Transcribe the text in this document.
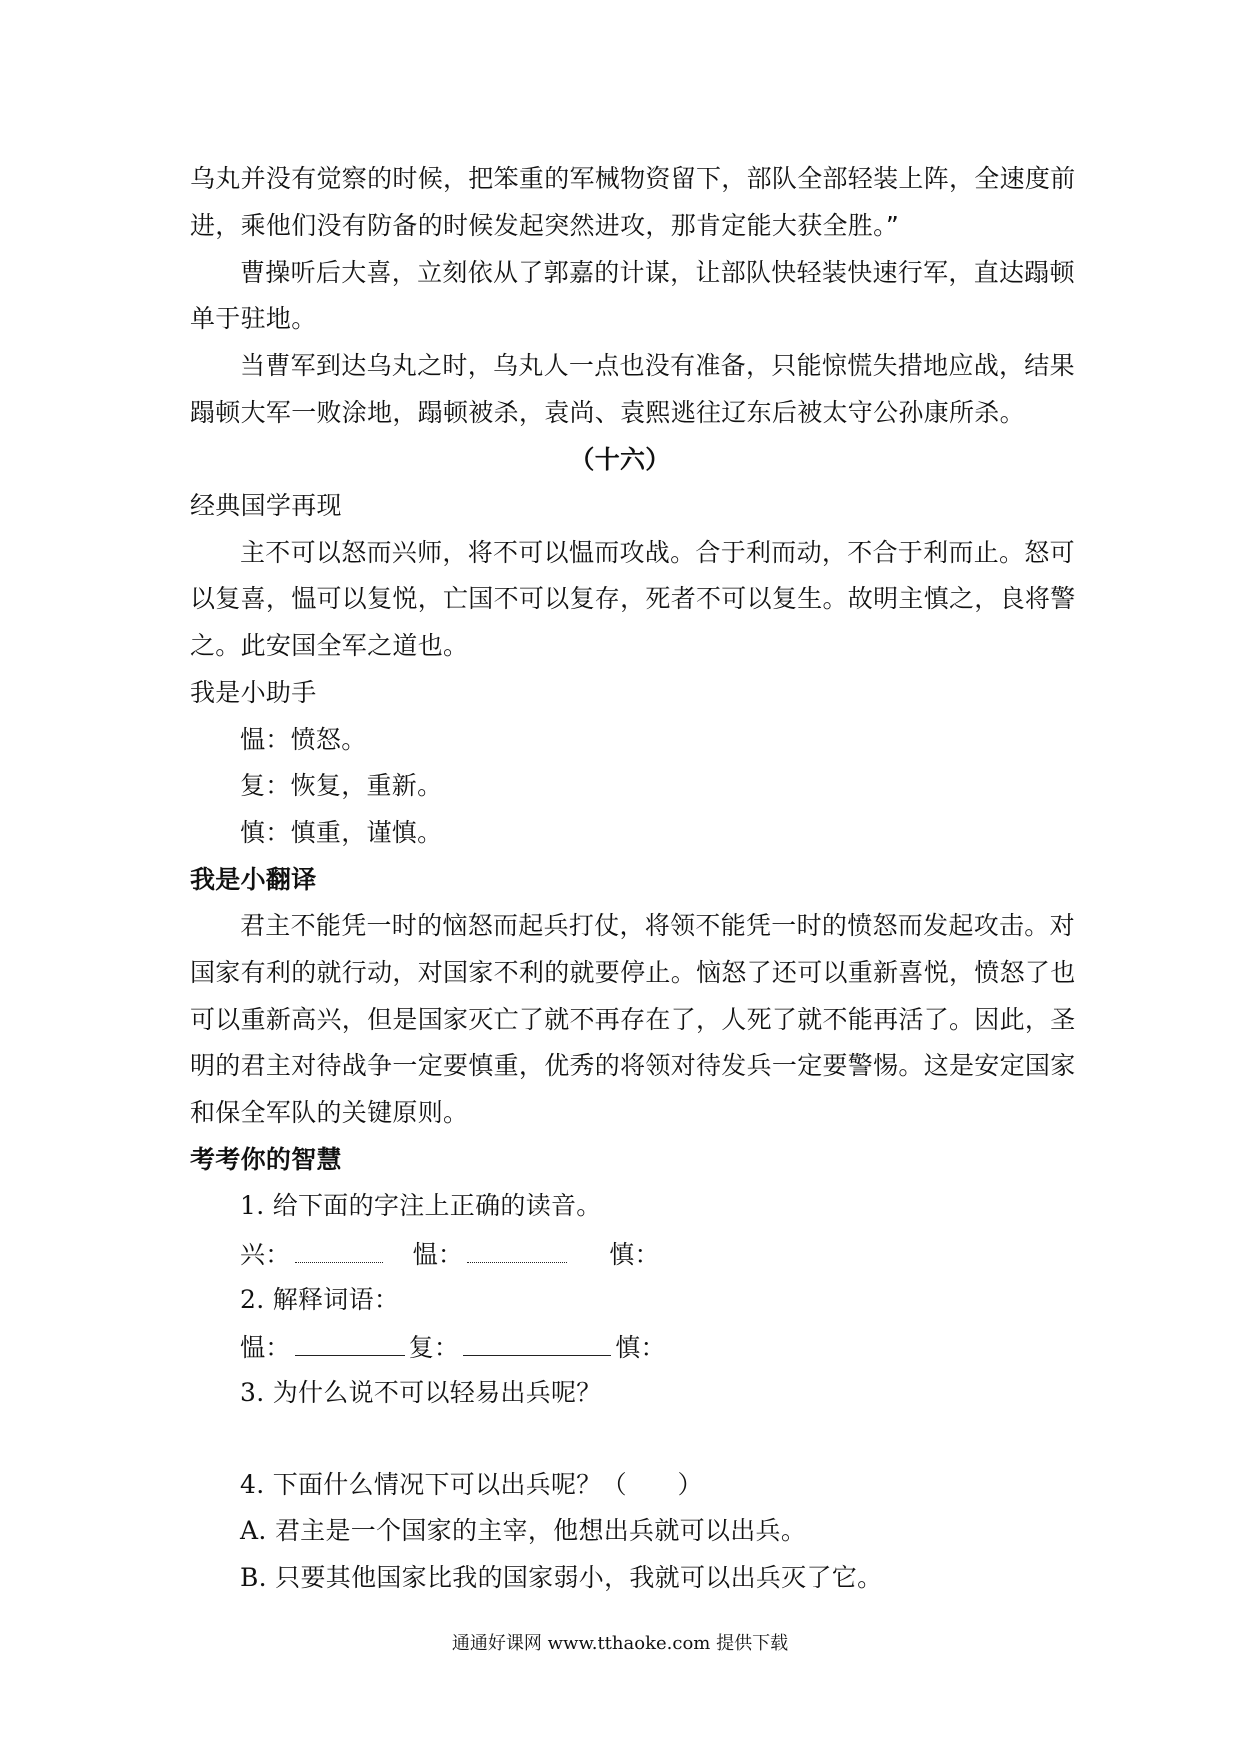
乌丸并没有觉察的时候，把笨重的军械物资留下，部队全部轻装上阵，全速度前
进，乘他们没有防备的时候发起突然进攻，那肯定能大获全胜。”
曹操听后大喜，立刻依从了郭嘉的计谋，让部队快轻装快速行军，直达蹋顿
单于驻地。
当曹军到达乌丸之时，乌丸人一点也没有准备，只能惊慌失措地应战，结果
蹋顿大军一败涂地，蹋顿被杀，袁尚、袁熙逃往辽东后被太守公孙康所杀。
（十六）
经典国学再现
主不可以怒而兴师，将不可以愠而攻战。合于利而动，不合于利而止。怒可
以复喜，愠可以复悦，亡国不可以复存，死者不可以复生。故明主慎之，良将警
之。此安国全军之道也。
我是小助手
愠：愤怒。
复：恢复，重新。
慎：慎重，谨慎。
我是小翻译
君主不能凭一时的恼怒而起兵打仗，将领不能凭一时的愤怒而发起攻击。对
国家有利的就行动，对国家不利的就要停止。恼怒了还可以重新喜悦，愤怒了也
可以重新高兴，但是国家灭亡了就不再存在了，人死了就不能再活了。因此，圣
明的君主对待战争一定要慎重，优秀的将领对待发兵一定要警惕。这是安定国家
和保全军队的关键原则。
考考你的智慧
1. 给下面的字注上正确的读音。
兴：	愠：	慎：
2. 解释词语：
愠：	复：	慎：
3. 为什么说不可以轻易出兵呢？
4. 下面什么情况下可以出兵呢？（　　）
A. 君主是一个国家的主宰，他想出兵就可以出兵。
B. 只要其他国家比我的国家弱小，我就可以出兵灭了它。
通通好课网 www.tthaoke.com 提供下载
